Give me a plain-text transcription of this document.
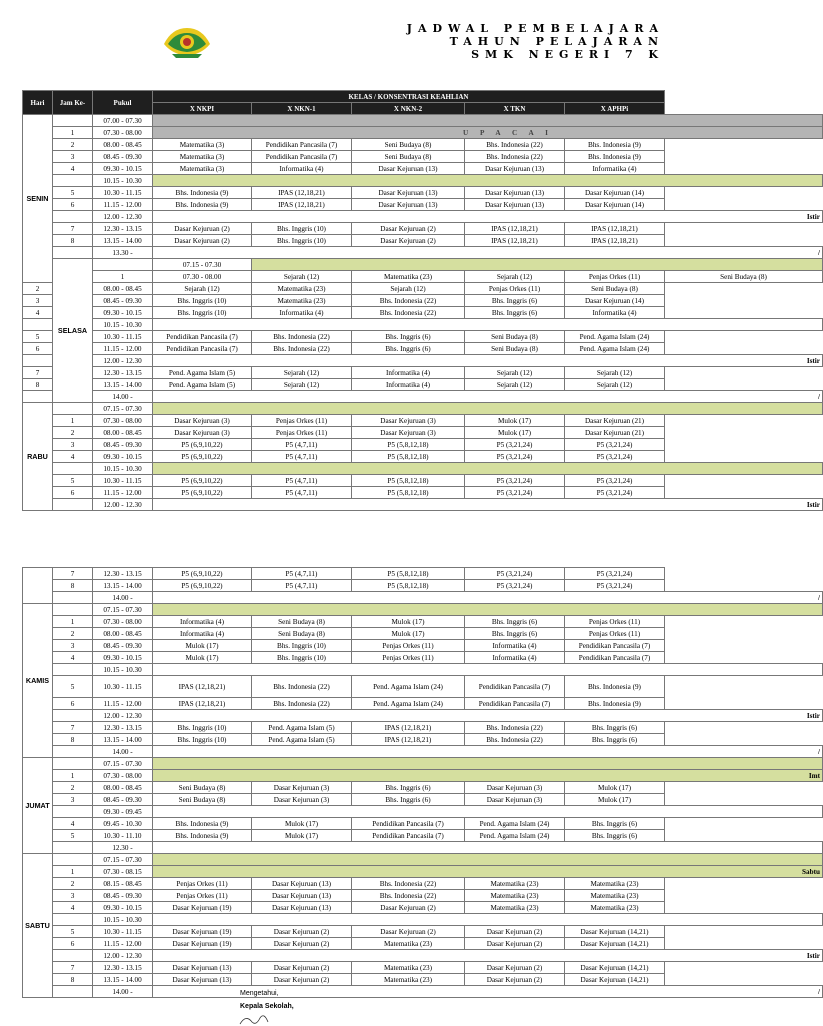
JADWAL PEMBELAJARA
TAHUN PELAJARAN
SMK NEGERI 7 K
Hari	Jam Ke-	Pukul	KELAS / KONSENTRASI KEAHLIAN						
			X NKPI	X NKN-1	X NKN-2	X TKN	X APHPi		
SENIN		07.00 - 07.30							
	1	07.30 - 08.00	U P A C A I						
	2	08.00 - 08.45	Matematika (3)	Pendidikan Pancasila (7)	Seni Budaya (8)	Bhs. Indonesia (22)	Bhs. Indonesia (9)		
	3	08.45 - 09.30	Matematika (3)	Pendidikan Pancasila (7)	Seni Budaya (8)	Bhs. Indonesia (22)	Bhs. Indonesia (9)		
	4	09.30 - 10.15	Matematika (3)	Informatika (4)	Dasar Kejuruan (13)	Dasar Kejuruan (13)	Informatika (4)		
		10.15 - 10.30							
	5	10.30 - 11.15	Bhs. Indonesia (9)	IPAS (12,18,21)	Dasar Kejuruan (13)	Dasar Kejuruan (13)	Dasar Kejuruan (14)		
	6	11.15 - 12.00	Bhs. Indonesia (9)	IPAS (12,18,21)	Dasar Kejuruan (13)	Dasar Kejuruan (13)	Dasar Kejuruan (14)		
		12.00 - 12.30	Istir						
	7	12.30 - 13.15	Dasar Kejuruan (2)	Bhs. Inggris (10)	Dasar Kejuruan (2)	IPAS (12,18,21)	IPAS (12,18,21)		
	8	13.15 - 14.00	Dasar Kejuruan (2)	Bhs. Inggris (10)	Dasar Kejuruan (2)	IPAS (12,18,21)	IPAS (12,18,21)		
		13.30 -	/						
	SELASA		07.15 - 07.30						
		1	07.30 - 08.00	Sejarah (12)	Matematika (23)	Sejarah (12)	Penjas Orkes (11)	Seni Budaya (8)	
2		08.00 - 08.45	Sejarah (12)	Matematika (23)	Sejarah (12)	Penjas Orkes (11)	Seni Budaya (8)		
3		08.45 - 09.30	Bhs. Inggris (10)	Matematika (23)	Bhs. Indonesia (22)	Bhs. Inggris (6)	Dasar Kejuruan (14)		
4		09.30 - 10.15	Bhs. Inggris (10)	Informatika (4)	Bhs. Indonesia (22)	Bhs. Inggris (6)	Informatika (4)		
		10.15 - 10.30							
5		10.30 - 11.15	Pendidikan Pancasila (7)	Bhs. Indonesia (22)	Bhs. Inggris (6)	Seni Budaya (8)	Pend. Agama Islam (24)		
6		11.15 - 12.00	Pendidikan Pancasila (7)	Bhs. Indonesia (22)	Bhs. Inggris (6)	Seni Budaya (8)	Pend. Agama Islam (24)		
		12.00 - 12.30	Istir						
7		12.30 - 13.15	Pend. Agama Islam (5)	Sejarah (12)	Informatika (4)	Sejarah (12)	Sejarah (12)		
8		13.15 - 14.00	Pend. Agama Islam (5)	Sejarah (12)	Informatika (4)	Sejarah (12)	Sejarah (12)		
		14.00 -	/						
RABU		07.15 - 07.30							
	1	07.30 - 08.00	Dasar Kejuruan (3)	Penjas Orkes (11)	Dasar Kejuruan (3)	Mulok (17)	Dasar Kejuruan (21)		
	2	08.00 - 08.45	Dasar Kejuruan (3)	Penjas Orkes (11)	Dasar Kejuruan (3)	Mulok (17)	Dasar Kejuruan (21)		
	3	08.45 - 09.30	P5 (6,9,10,22)	P5 (4,7,11)	P5 (5,8,12,18)	P5 (3,21,24)	P5 (3,21,24)		
	4	09.30 - 10.15	P5 (6,9,10,22)	P5 (4,7,11)	P5 (5,8,12,18)	P5 (3,21,24)	P5 (3,21,24)		
		10.15 - 10.30							
	5	10.30 - 11.15	P5 (6,9,10,22)	P5 (4,7,11)	P5 (5,8,12,18)	P5 (3,21,24)	P5 (3,21,24)		
	6	11.15 - 12.00	P5 (6,9,10,22)	P5 (4,7,11)	P5 (5,8,12,18)	P5 (3,21,24)	P5 (3,21,24)		
		12.00 - 12.30	Istir						
	7	12.30 - 13.15	P5 (6,9,10,22)	P5 (4,7,11)	P5 (5,8,12,18)	P5 (3,21,24)	P5 (3,21,24)	
	8	13.15 - 14.00	P5 (6,9,10,22)	P5 (4,7,11)	P5 (5,8,12,18)	P5 (3,21,24)	P5 (3,21,24)	
		14.00 -	/					
KAMIS		07.15 - 07.30						
	1	07.30 - 08.00	Informatika (4)	Seni Budaya (8)	Mulok (17)	Bhs. Inggris (6)	Penjas Orkes (11)	
	2	08.00 - 08.45	Informatika (4)	Seni Budaya (8)	Mulok (17)	Bhs. Inggris (6)	Penjas Orkes (11)	
	3	08.45 - 09.30	Mulok (17)	Bhs. Inggris (10)	Penjas Orkes (11)	Informatika (4)	Pendidikan Pancasila (7)	
	4	09.30 - 10.15	Mulok (17)	Bhs. Inggris (10)	Penjas Orkes (11)	Informatika (4)	Pendidikan Pancasila (7)	
		10.15 - 10.30						
	5	10.30 - 11.15	IPAS (12,18,21)	Bhs. Indonesia (22)	Pend. Agama Islam (24)	Pendidikan Pancasila (7)	Bhs. Indonesia (9)	
	6	11.15 - 12.00	IPAS (12,18,21)	Bhs. Indonesia (22)	Pend. Agama Islam (24)	Pendidikan Pancasila (7)	Bhs. Indonesia (9)	
		12.00 - 12.30	Istir					
	7	12.30 - 13.15	Bhs. Inggris (10)	Pend. Agama Islam (5)	IPAS (12,18,21)	Bhs. Indonesia (22)	Bhs. Inggris (6)	
	8	13.15 - 14.00	Bhs. Inggris (10)	Pend. Agama Islam (5)	IPAS (12,18,21)	Bhs. Indonesia (22)	Bhs. Inggris (6)	
		14.00 -	/					
JUMAT		07.15 - 07.30						
	1	07.30 - 08.00	Imt					
	2	08.00 - 08.45	Seni Budaya (8)	Dasar Kejuruan (3)	Bhs. Inggris (6)	Dasar Kejuruan (3)	Mulok (17)	
	3	08.45 - 09.30	Seni Budaya (8)	Dasar Kejuruan (3)	Bhs. Inggris (6)	Dasar Kejuruan (3)	Mulok (17)	
		09.30 - 09.45						
	4	09.45 - 10.30	Bhs. Indonesia (9)	Mulok (17)	Pendidikan Pancasila (7)	Pend. Agama Islam (24)	Bhs. Inggris (6)	
	5	10.30 - 11.10	Bhs. Indonesia (9)	Mulok (17)	Pendidikan Pancasila (7)	Pend. Agama Islam (24)	Bhs. Inggris (6)	
		12.30 -						
SABTU		07.15 - 07.30						
	1	07.30 - 08.15	Sabtu					
	2	08.15 - 08.45	Penjas Orkes (11)	Dasar Kejuruan (13)	Bhs. Indonesia (22)	Matematika (23)	Matematika (23)	
	3	08.45 - 09.30	Penjas Orkes (11)	Dasar Kejuruan (13)	Bhs. Indonesia (22)	Matematika (23)	Matematika (23)	
	4	09.30 - 10.15	Dasar Kejuruan (19)	Dasar Kejuruan (13)	Dasar Kejuruan (2)	Matematika (23)	Matematika (23)	
		10.15 - 10.30						
	5	10.30 - 11.15	Dasar Kejuruan (19)	Dasar Kejuruan (2)	Dasar Kejuruan (2)	Dasar Kejuruan (2)	Dasar Kejuruan (14,21)	
	6	11.15 - 12.00	Dasar Kejuruan (19)	Dasar Kejuruan (2)	Matematika (23)	Dasar Kejuruan (2)	Dasar Kejuruan (14,21)	
		12.00 - 12.30	Istir					
	7	12.30 - 13.15	Dasar Kejuruan (13)	Dasar Kejuruan (2)	Matematika (23)	Dasar Kejuruan (2)	Dasar Kejuruan (14,21)	
	8	13.15 - 14.00	Dasar Kejuruan (13)	Dasar Kejuruan (2)	Matematika (23)	Dasar Kejuruan (2)	Dasar Kejuruan (14,21)	
		14.00 -	/					
Mengetahui,
Kepala Sekolah,
